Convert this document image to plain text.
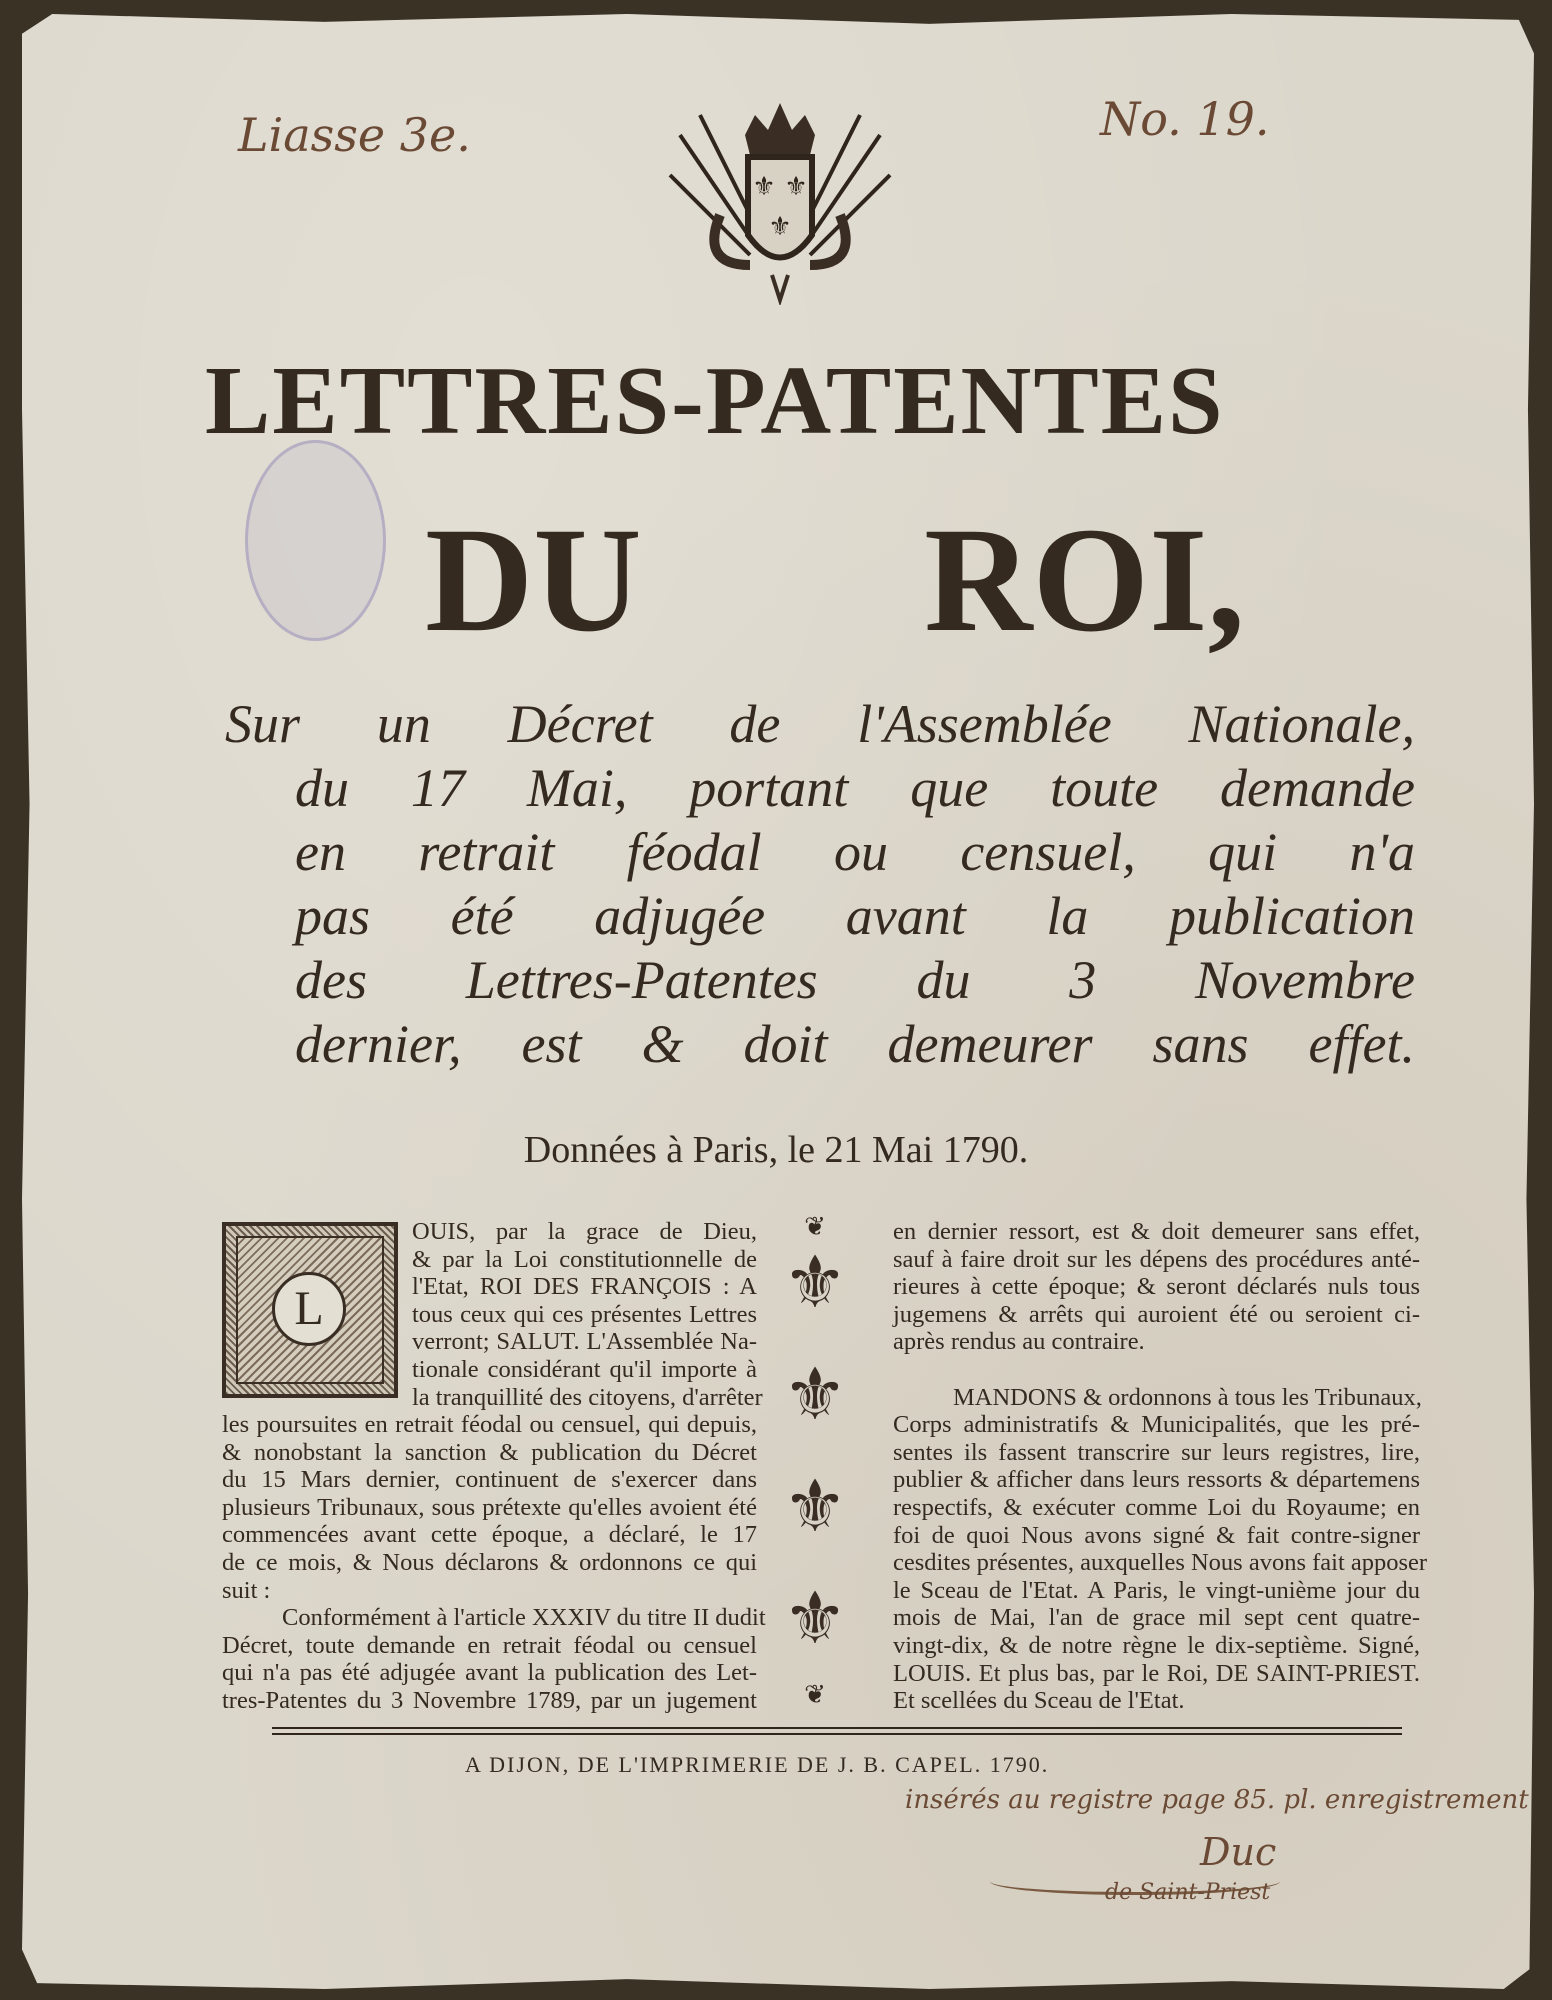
Liasse 3e.	No. 19.
⚜ ⚜
⚜
LETTRES-PATENTES
DU ROI,
Sur un Décret de l'Assemblée Nationale,
du 17 Mai, portant que toute demande
en retrait féodal ou censuel, qui n'a
pas été adjugée avant la publication
des Lettres-Patentes du 3 Novembre
dernier, est & doit demeurer sans effet.
Données à Paris, le 21 Mai 1790.
L
OUIS, par la grace de Dieu,
& par la Loi constitutionnelle de
l'Etat, ROI DES FRANÇOIS : A
tous ceux qui ces présentes Lettres
verront; SALUT. L'Assemblée Na-
tionale considérant qu'il importe à
la tranquillité des citoyens, d'arrêter
les poursuites en retrait féodal ou censuel, qui depuis,
& nonobstant la sanction & publication du Décret
du 15 Mars dernier, continuent de s'exercer dans
plusieurs Tribunaux, sous prétexte qu'elles avoient été
commencées avant cette époque, a déclaré, le 17
de ce mois, & Nous déclarons & ordonnons ce qui
suit :
Conformément à l'article XXXIV du titre II dudit
Décret, toute demande en retrait féodal ou censuel
qui n'a pas été adjugée avant la publication des Let-
tres-Patentes du 3 Novembre 1789, par un jugement
en dernier ressort, est & doit demeurer sans effet,
sauf à faire droit sur les dépens des procédures anté-
rieures à cette époque; & seront déclarés nuls tous
jugemens & arrêts qui auroient été ou seroient ci-
après rendus au contraire.
MANDONS & ordonnons à tous les Tribunaux,
Corps administratifs & Municipalités, que les pré-
sentes ils fassent transcrire sur leurs registres, lire,
publier & afficher dans leurs ressorts & départemens
respectifs, & exécuter comme Loi du Royaume; en
foi de quoi Nous avons signé & fait contre-signer
cesdites présentes, auxquelles Nous avons fait apposer
le Sceau de l'Etat. A Paris, le vingt-unième jour du
mois de Mai, l'an de grace mil sept cent quatre-
vingt-dix, & de notre règne le dix-septième. Signé,
LOUIS. Et plus bas, par le Roi, DE SAINT-PRIEST.
Et scellées du Sceau de l'Etat.
❦
⚜
⚜
⚜
⚜
❦
A DIJON, DE L'IMPRIMERIE DE J. B. CAPEL. 1790.
insérés au registre page 85. pl. enregistrement
Duc
de Saint-Priest
